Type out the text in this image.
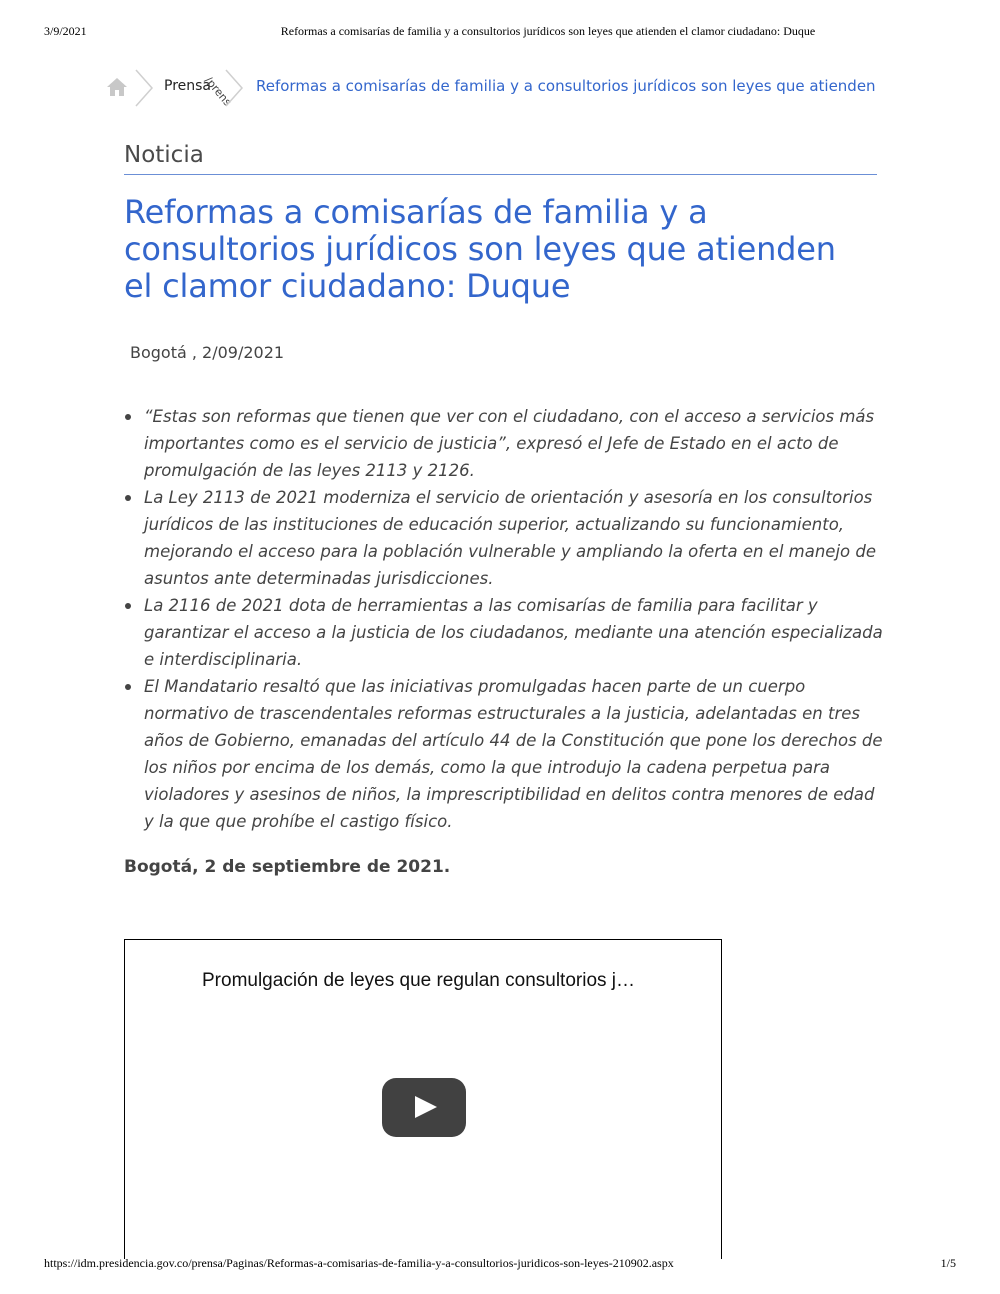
3/9/2021	Reformas a comisarías de familia y a consultorios jurídicos son leyes que atienden el clamor ciudadano: Duque
Prensa
/prens Reformas a comisarías de familia y a consultorios jurídicos son leyes que atienden
Noticia
Reformas a comisarías de familia y a consultorios jurídicos son leyes que atienden el clamor ciudadano: Duque
Bogotá , 2/09/2021
“Estas son reformas que tienen que ver con el ciudadano, con el acceso a servicios más importantes como es el servicio de justicia”, expresó el Jefe de Estado en el acto de promulgación de las leyes 2113 y 2126.
La Ley 2113 de 2021 moderniza el servicio de orientación y asesoría en los consultorios jurídicos de las instituciones de educación superior, actualizando su funcionamiento, mejorando el acceso para la población vulnerable y ampliando la oferta en el manejo de asuntos ante determinadas jurisdicciones.
La 2116 de 2021 dota de herramientas a las comisarías de familia para facilitar y garantizar el acceso a la justicia de los ciudadanos, mediante una atención especializada e interdisciplinaria.
El Mandatario resaltó que las iniciativas promulgadas hacen parte de un cuerpo normativo de trascendentales reformas estructurales a la justicia, adelantadas en tres años de Gobierno, emanadas del artículo 44 de la Constitución que pone los derechos de los niños por encima de los demás, como la que introdujo la cadena perpetua para violadores y asesinos de niños, la imprescriptibilidad en delitos contra menores de edad y la que que prohíbe el castigo físico.
Bogotá, 2 de septiembre de 2021.
Promulgación de leyes que regulan consultorios j…
https://idm.presidencia.gov.co/prensa/Paginas/Reformas-a-comisarias-de-familia-y-a-consultorios-juridicos-son-leyes-210902.aspx	1/5
